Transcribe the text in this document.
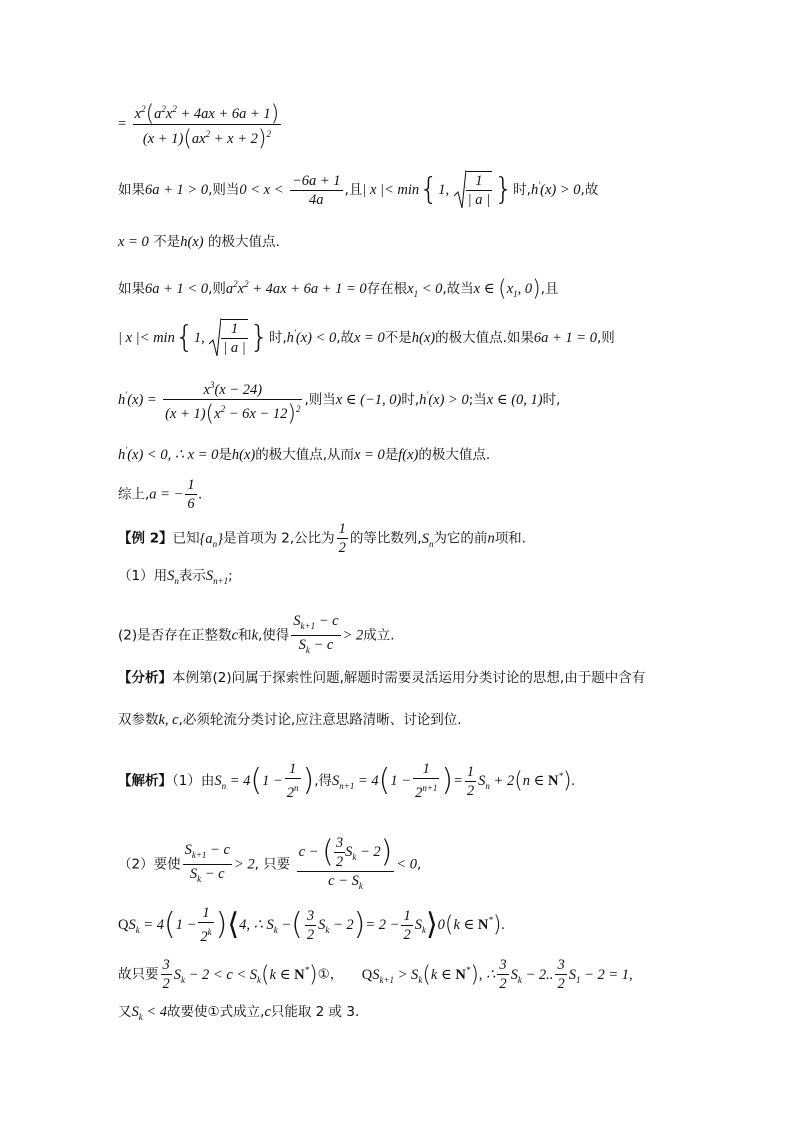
= $\frac{x^2(a^2x^2 + 4ax + 6a + 1)}{(x + 1)(ax^2 + x + 2)^2}$
如果6a + 1 > 0,则当$0 < x < \frac{-6a + 1}{4a}$ ,且| x |< min{1, $\frac{1}{| a |}$ }时,h'(x) > 0,故
x = 0 不是h(x) 的极大值点.
如果6a + 1 < 0,则$a^2x^2 + 4ax + 6a + 1 = 0$存在根$x_1 < 0$,故当x ∈ ($x_1$, 0),且
| x |< min{1, $\frac{1}{| a |}$ }时,h'(x) < 0,故x = 0不是h(x)的极大值点.如果6a + 1 = 0,则
$h'(x) = \frac{x^3(x - 24)}{(x + 1)(x^2 - 6x - 12)^2}$ ,则当x ∈ (−1, 0)时,h'(x) > 0;当x ∈ (0, 1)时,
h'(x) < 0, ∴ x = 0是h(x)的极大值点,从而x = 0是f(x)的极大值点.
综上,a = − $\frac{1}{6}$ .
【例 2】已知$\{a_n\}$是首项为 2,公比为 $\frac{1}{2}$ 的等比数列$,S_n$为它的前n项和.
（1）用$S_n$表示$S_{n+1}$;
(2)是否存在正整数c和k,使得 $\frac{S_{k+1} - c}{S_k - c} > 2$成立.
【分析】本例第(2)问属于探索性问题,解题时需要灵活运用分类讨论的思想,由于题中含有
双参数k, c,必须轮流分类讨论,应注意思路清晰、讨论到位.
【解析】（1）由$S_n = 4(1 - \frac{1}{2^n}$ ),得$S_{n+1} = 4(1 - \frac{1}{2^{n+1}}$ )= $\frac{1}{2} S_n + 2(n$ ∈ N*).
（2）要使 $\frac{S_{k+1} - c}{S_k - c} > 2$, 只要 $\frac{c - ( \frac{3}{2} S_k - 2)}{c - S_k} < 0$,
$QS_k = 4(1 - \frac{1}{2^k}$ )⟨4, ∴ $S_k$ −( $\frac{3}{2} S_k - 2)= 2 - \frac{1}{2}$ $S_k⟩0(k$ ∈ N*).
故只要 $\frac{3}{2} S_k - 2 < c < S_k(k$ ∈ N*)①， $QS_{k+1} > S_k(k$ ∈ N*), ∴ $\frac{3}{2} S_k - 2$.. $\frac{3}{2} S_1 - 2 = 1$,
又$S_k < 4$故要使①式成立,c只能取 2 或 3.
